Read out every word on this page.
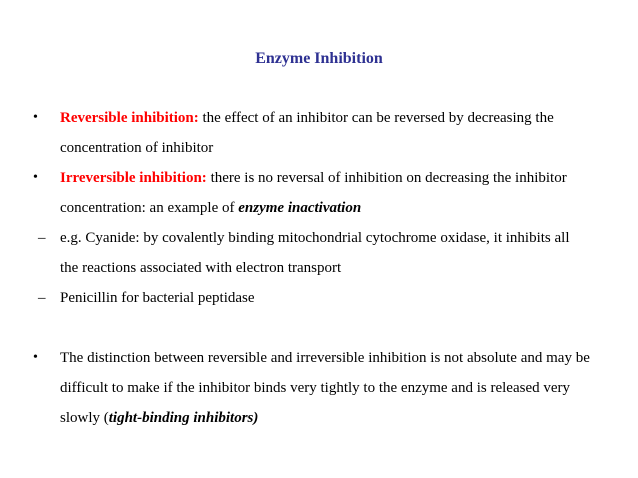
Enzyme Inhibition
• Reversible inhibition: the effect of an inhibitor can be reversed by decreasing the concentration of inhibitor
• Irreversible inhibition: there is no reversal of inhibition on decreasing the inhibitor concentration: an example of enzyme inactivation
– e.g. Cyanide: by covalently binding mitochondrial cytochrome oxidase, it inhibits all the reactions associated with electron transport
– Penicillin for bacterial peptidase
• The distinction between reversible and irreversible inhibition is not absolute and may be difficult to make if the inhibitor binds very tightly to the enzyme and is released very slowly (tight-binding inhibitors)
